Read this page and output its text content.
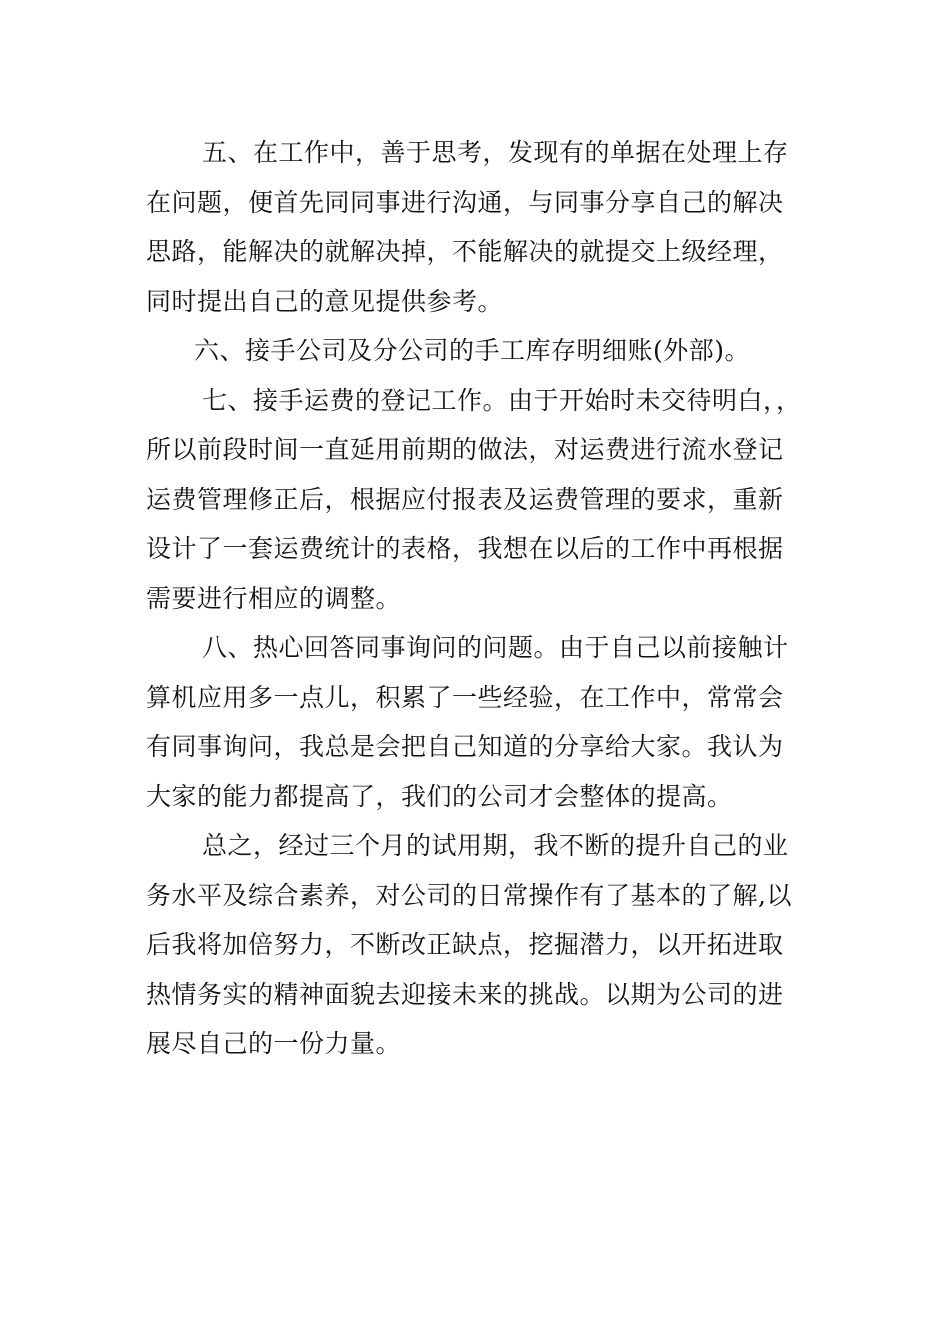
五、在工作中，善于思考，发现有的单据在处理上存
在问题，便首先同同事进行沟通，与同事分享自己的解决
思路，能解决的就解决掉，不能解决的就提交上级经理，
同时提出自己的意见提供参考。
六、接手公司及分公司的手工库存明细账(外部)。
七、接手运费的登记工作。由于开始时未交待明白，，
所以前段时间一直延用前期的做法，对运费进行流水登记
运费管理修正后，根据应付报表及运费管理的要求，重新
设计了一套运费统计的表格，我想在以后的工作中再根据
需要进行相应的调整。
八、热心回答同事询问的问题。由于自己以前接触计
算机应用多一点儿，积累了一些经验，在工作中，常常会
有同事询问，我总是会把自己知道的分享给大家。我认为
大家的能力都提高了，我们的公司才会整体的提高。
总之，经过三个月的试用期，我不断的提升自己的业
务水平及综合素养，对公司的日常操作有了基本的了解,以
后我将加倍努力，不断改正缺点，挖掘潜力，以开拓进取
热情务实的精神面貌去迎接未来的挑战。以期为公司的进
展尽自己的一份力量。
